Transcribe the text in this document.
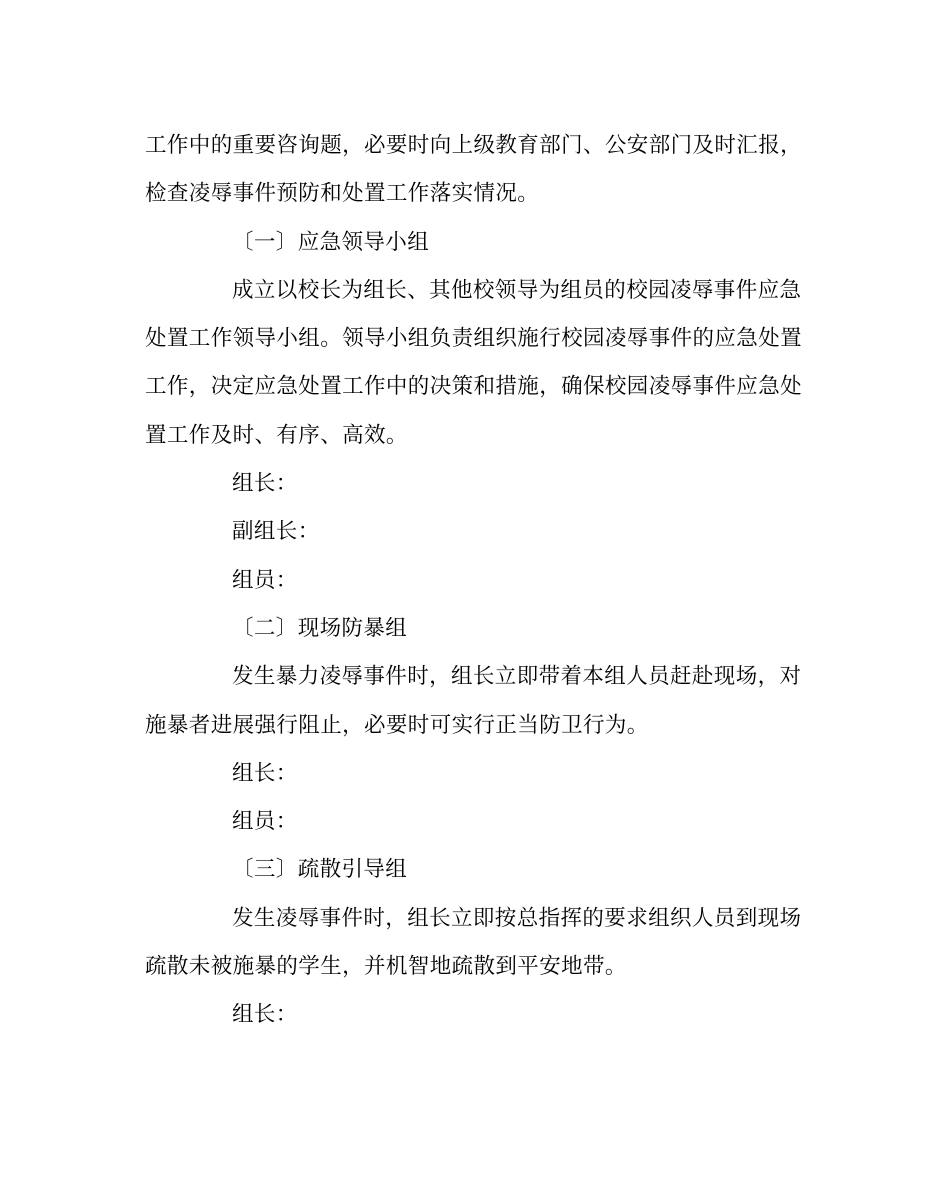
工作中的重要咨询题，必要时向上级教育部门、公安部门及时汇报，
检查凌辱事件预防和处置工作落实情况。
〔一〕应急领导小组
成立以校长为组长、其他校领导为组员的校园凌辱事件应急
处置工作领导小组。领导小组负责组织施行校园凌辱事件的应急处置
工作，决定应急处置工作中的决策和措施，确保校园凌辱事件应急处
置工作及时、有序、高效。
组长：
副组长：
组员：
〔二〕现场防暴组
发生暴力凌辱事件时，组长立即带着本组人员赶赴现场，对
施暴者进展强行阻止，必要时可实行正当防卫行为。
组长：
组员：
〔三〕疏散引导组
发生凌辱事件时，组长立即按总指挥的要求组织人员到现场
疏散未被施暴的学生，并机智地疏散到平安地带。
组长：
